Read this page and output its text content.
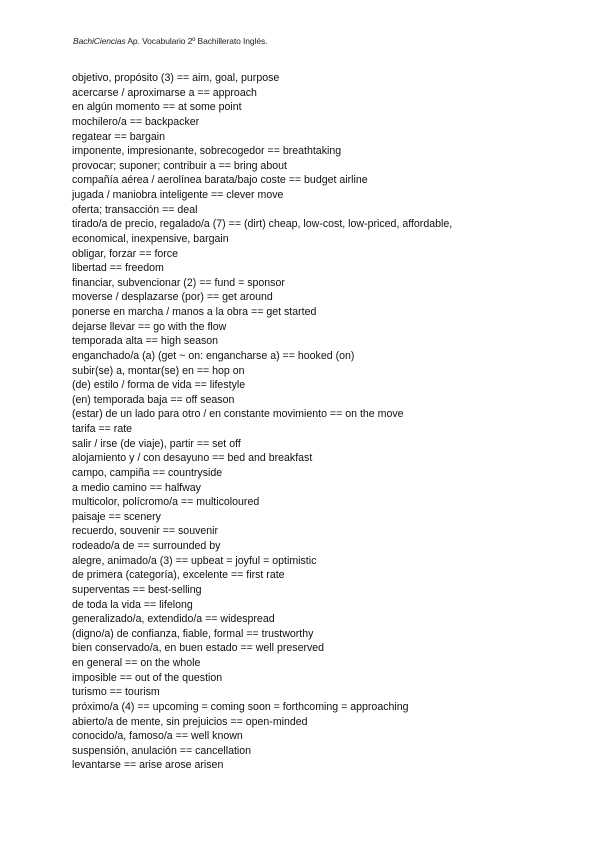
BachiCiencias Ap. Vocabulario 2º Bachillerato Inglés.
objetivo, propósito (3) == aim, goal, purpose
acercarse / aproximarse a == approach
en algún momento == at some point
mochilero/a == backpacker
regatear == bargain
imponente, impresionante, sobrecogedor == breathtaking
provocar; suponer; contribuir a == bring about
compañía aérea / aerolínea barata/bajo coste == budget airline
jugada / maniobra inteligente == clever move
oferta; transacción == deal
tirado/a de precio, regalado/a (7) == (dirt) cheap, low-cost, low-priced, affordable,
economical, inexpensive, bargain
obligar, forzar == force
libertad == freedom
financiar, subvencionar (2) == fund = sponsor
moverse / desplazarse (por) == get around
ponerse en marcha / manos a la obra == get started
dejarse llevar == go with the flow
temporada alta == high season
enganchado/a (a) (get ~ on: engancharse a) == hooked (on)
subir(se) a, montar(se) en == hop on
(de) estilo / forma de vida == lifestyle
(en) temporada baja == off season
(estar) de un lado para otro / en constante movimiento == on the move
tarifa == rate
salir / irse (de viaje), partir == set off
alojamiento y / con desayuno == bed and breakfast
campo, campiña == countryside
a medio camino == halfway
multicolor, polícromo/a == multicoloured
paisaje == scenery
recuerdo, souvenir == souvenir
rodeado/a de == surrounded by
alegre, animado/a (3) == upbeat = joyful = optimistic
de primera (categoría), excelente == first rate
superventas == best-selling
de toda la vida == lifelong
generalizado/a, extendido/a == widespread
(digno/a) de confianza, fiable, formal == trustworthy
bien conservado/a, en buen estado == well preserved
en general == on the whole
imposible == out of the question
turismo == tourism
próximo/a (4) == upcoming = coming soon = forthcoming = approaching
abierto/a de mente, sin prejuicios == open-minded
conocido/a, famoso/a == well known
suspensión, anulación == cancellation
levantarse == arise arose arisen
